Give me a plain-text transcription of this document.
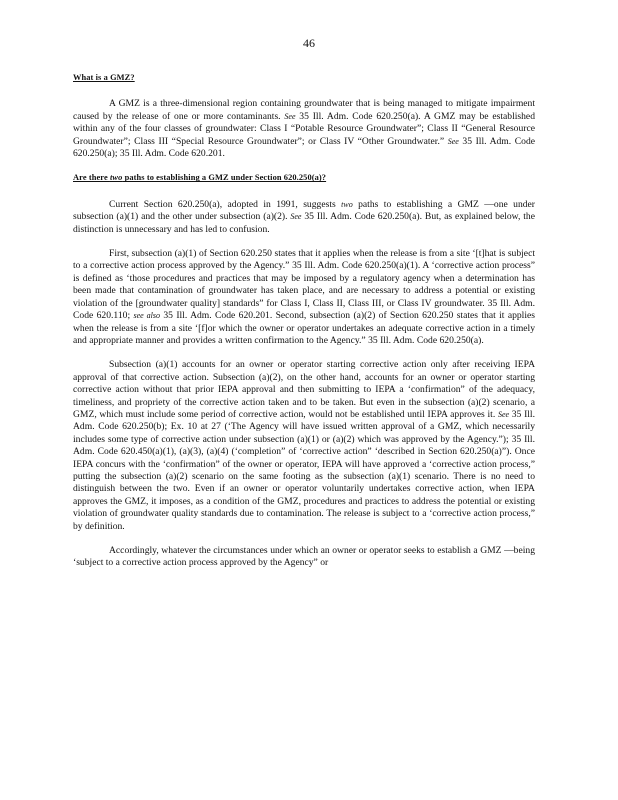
46
What is a GMZ?

A GMZ is a three-dimensional region containing groundwater that is being managed to mitigate impairment caused by the release of one or more contaminants. See 35 Ill. Adm. Code 620.250(a). A GMZ may be established within any of the four classes of groundwater: Class I “Potable Resource Groundwater”; Class II “General Resource Groundwater”; Class III “Special Resource Groundwater”; or Class IV “Other Groundwater.” See 35 Ill. Adm. Code 620.250(a); 35 Ill. Adm. Code 620.201.

Are there two paths to establishing a GMZ under Section 620.250(a)?

Current Section 620.250(a), adopted in 1991, suggests two paths to establishing a GMZ —one under subsection (a)(1) and the other under subsection (a)(2). See 35 Ill. Adm. Code 620.250(a). But, as explained below, the distinction is unnecessary and has led to confusion.

First, subsection (a)(1) of Section 620.250 states that it applies when the release is from a site ‘[t]hat is subject to a corrective action process approved by the Agency.” 35 Ill. Adm. Code 620.250(a)(1). A ‘corrective action process” is defined as ‘those procedures and practices that may be imposed by a regulatory agency when a determination has been made that contamination of groundwater has taken place, and are necessary to address a potential or existing violation of the [groundwater quality] standards” for Class I, Class II, Class III, or Class IV groundwater. 35 Ill. Adm. Code 620.110; see also 35 Ill. Adm. Code 620.201. Second, subsection (a)(2) of Section 620.250 states that it applies when the release is from a site ‘[f]or which the owner or operator undertakes an adequate corrective action in a timely and appropriate manner and provides a written confirmation to the Agency.” 35 Ill. Adm. Code 620.250(a).

Subsection (a)(1) accounts for an owner or operator starting corrective action only after receiving IEPA approval of that corrective action. Subsection (a)(2), on the other hand, accounts for an owner or operator starting corrective action without that prior IEPA approval and then submitting to IEPA a ‘confirmation” of the adequacy, timeliness, and propriety of the corrective action taken and to be taken. But even in the subsection (a)(2) scenario, a GMZ, which must include some period of corrective action, would not be established until IEPA approves it. See 35 Ill. Adm. Code 620.250(b); Ex. 10 at 27 (‘The Agency will have issued written approval of a GMZ, which necessarily includes some type of corrective action under subsection (a)(1) or (a)(2) which was approved by the Agency.”); 35 Ill. Adm. Code 620.450(a)(1), (a)(3), (a)(4) (‘completion” of ‘corrective action” ‘described in Section 620.250(a)”). Once IEPA concurs with the ‘confirmation” of the owner or operator, IEPA will have approved a ‘corrective action process,” putting the subsection (a)(2) scenario on the same footing as the subsection (a)(1) scenario. There is no need to distinguish between the two. Even if an owner or operator voluntarily undertakes corrective action, when IEPA approves the GMZ, it imposes, as a condition of the GMZ, procedures and practices to address the potential or existing violation of groundwater quality standards due to contamination. The release is subject to a ‘corrective action process,” by definition.

Accordingly, whatever the circumstances under which an owner or operator seeks to establish a GMZ —being ‘subject to a corrective action process approved by the Agency” or
